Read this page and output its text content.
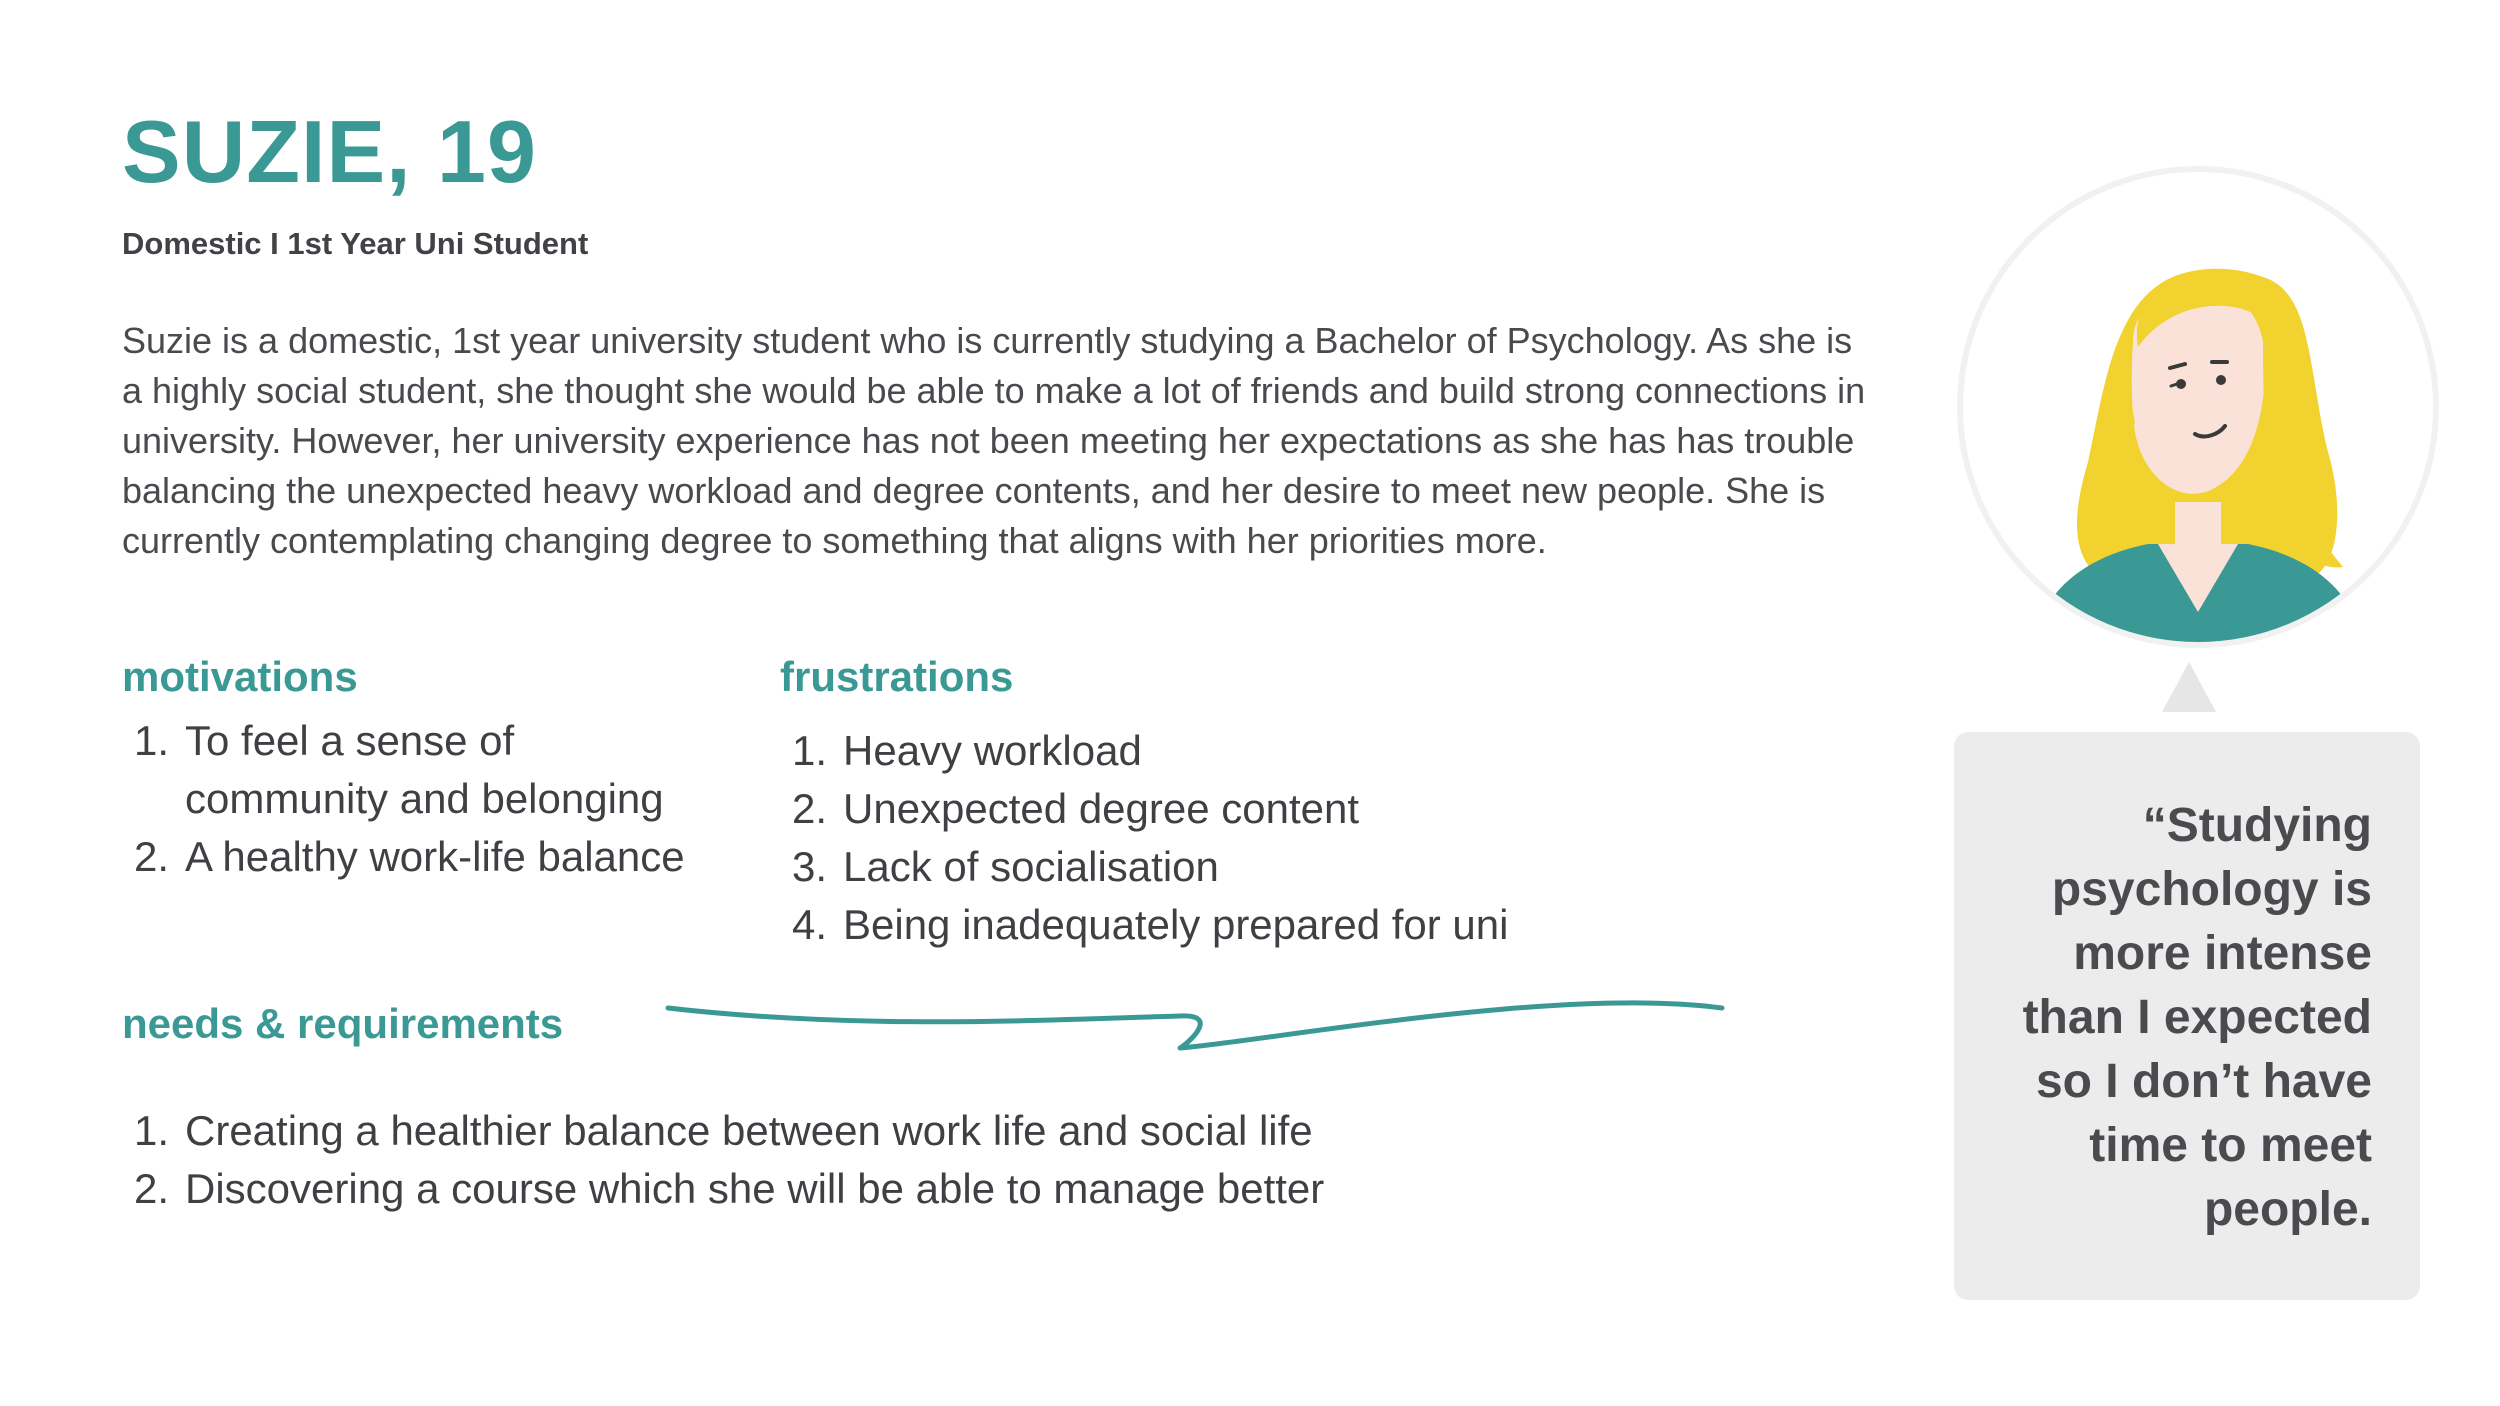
SUZIE, 19
Domestic I 1st Year Uni Student

Suzie is a domestic, 1st year university student who is currently studying a Bachelor of Psychology. As she is a highly social student, she thought she would be able to make a lot of friends and build strong connections in university. However, her university experience has not been meeting her expectations as she has has trouble balancing the unexpected heavy workload and degree contents, and her desire to meet new people. She is currently contemplating changing degree to something that aligns with her priorities more.

motivations
1. To feel a sense of community and belonging
2. A healthy work-life balance
frustrations
1. Heavy workload
2. Unexpected degree content
3. Lack of socialisation
4. Being inadequately prepared for uni
needs & requirements
1. Creating a healthier balance between work life and social life
2. Discovering a course which she will be able to manage better

“Studying psychology is more intense than I expected so I don’t have time to meet people.
